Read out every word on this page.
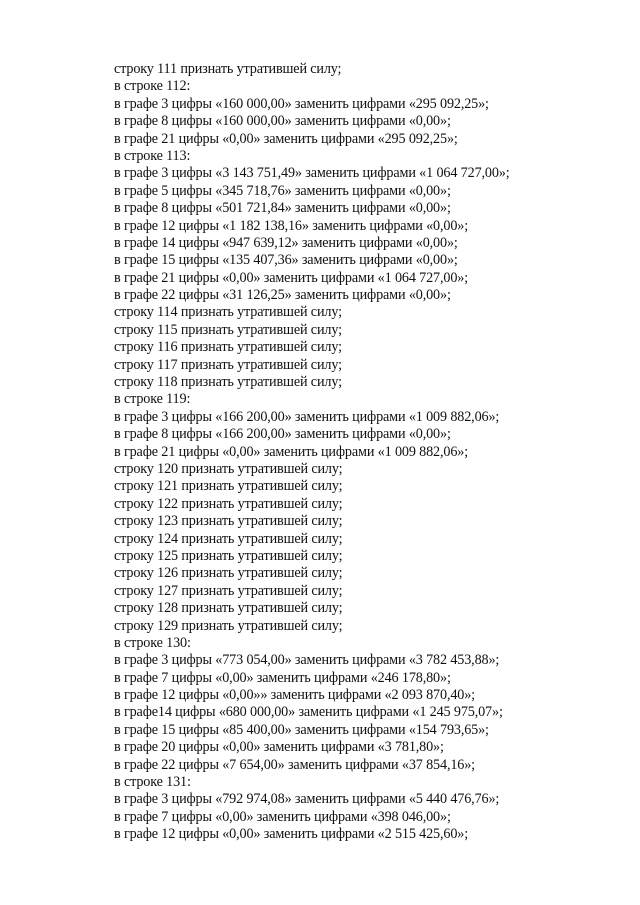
строку 111 признать утратившей силу;
в строке 112:
в графе 3 цифры «160 000,00» заменить цифрами «295 092,25»;
в графе 8 цифры «160 000,00» заменить цифрами «0,00»;
в графе 21 цифры «0,00» заменить цифрами «295 092,25»;
в строке 113:
в графе 3 цифры «3 143 751,49» заменить цифрами «1 064 727,00»;
в графе 5 цифры «345 718,76» заменить цифрами «0,00»;
в графе 8 цифры «501 721,84» заменить цифрами «0,00»;
в графе 12 цифры «1 182 138,16» заменить цифрами «0,00»;
в графе 14 цифры «947 639,12» заменить цифрами «0,00»;
в графе 15 цифры «135 407,36» заменить цифрами «0,00»;
в графе 21 цифры «0,00» заменить цифрами «1 064 727,00»;
в графе 22 цифры «31 126,25» заменить цифрами «0,00»;
строку 114 признать утратившей силу;
строку 115 признать утратившей силу;
строку 116 признать утратившей силу;
строку 117 признать утратившей силу;
строку 118 признать утратившей силу;
в строке 119:
в графе 3 цифры «166 200,00» заменить цифрами «1 009 882,06»;
в графе 8 цифры «166 200,00» заменить цифрами «0,00»;
в графе 21 цифры «0,00» заменить цифрами «1 009 882,06»;
строку 120 признать утратившей силу;
строку 121 признать утратившей силу;
строку 122 признать утратившей силу;
строку 123 признать утратившей силу;
строку 124 признать утратившей силу;
строку 125 признать утратившей силу;
строку 126 признать утратившей силу;
строку 127 признать утратившей силу;
строку 128 признать утратившей силу;
строку 129 признать утратившей силу;
в строке 130:
в графе 3 цифры «773 054,00» заменить цифрами «3 782 453,88»;
в графе 7 цифры «0,00» заменить цифрами «246 178,80»;
в графе 12 цифры «0,00»» заменить цифрами «2 093 870,40»;
в графе14 цифры «680 000,00» заменить цифрами «1 245 975,07»;
в графе 15 цифры «85 400,00» заменить цифрами «154 793,65»;
в графе 20 цифры «0,00» заменить цифрами «3 781,80»;
в графе 22 цифры «7 654,00» заменить цифрами «37 854,16»;
в строке 131:
в графе 3 цифры «792 974,08» заменить цифрами «5 440 476,76»;
в графе 7 цифры «0,00» заменить цифрами «398 046,00»;
в графе 12 цифры «0,00» заменить цифрами «2 515 425,60»;
